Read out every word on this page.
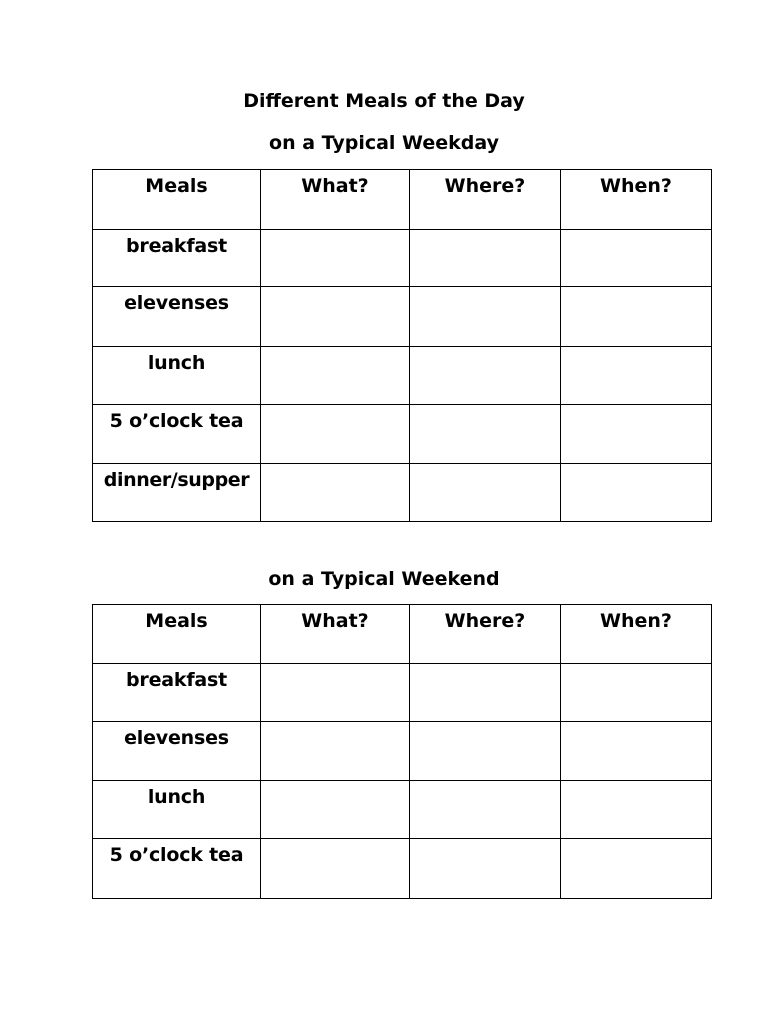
Different Meals of the Day
on a Typical Weekday
Meals	What?	Where?	When?

breakfast			

elevenses			

lunch			

5 o’clock tea			

dinner/supper			

on a Typical Weekend
Meals	What?	Where?	When?

breakfast			

elevenses			

lunch			

5 o’clock tea			
